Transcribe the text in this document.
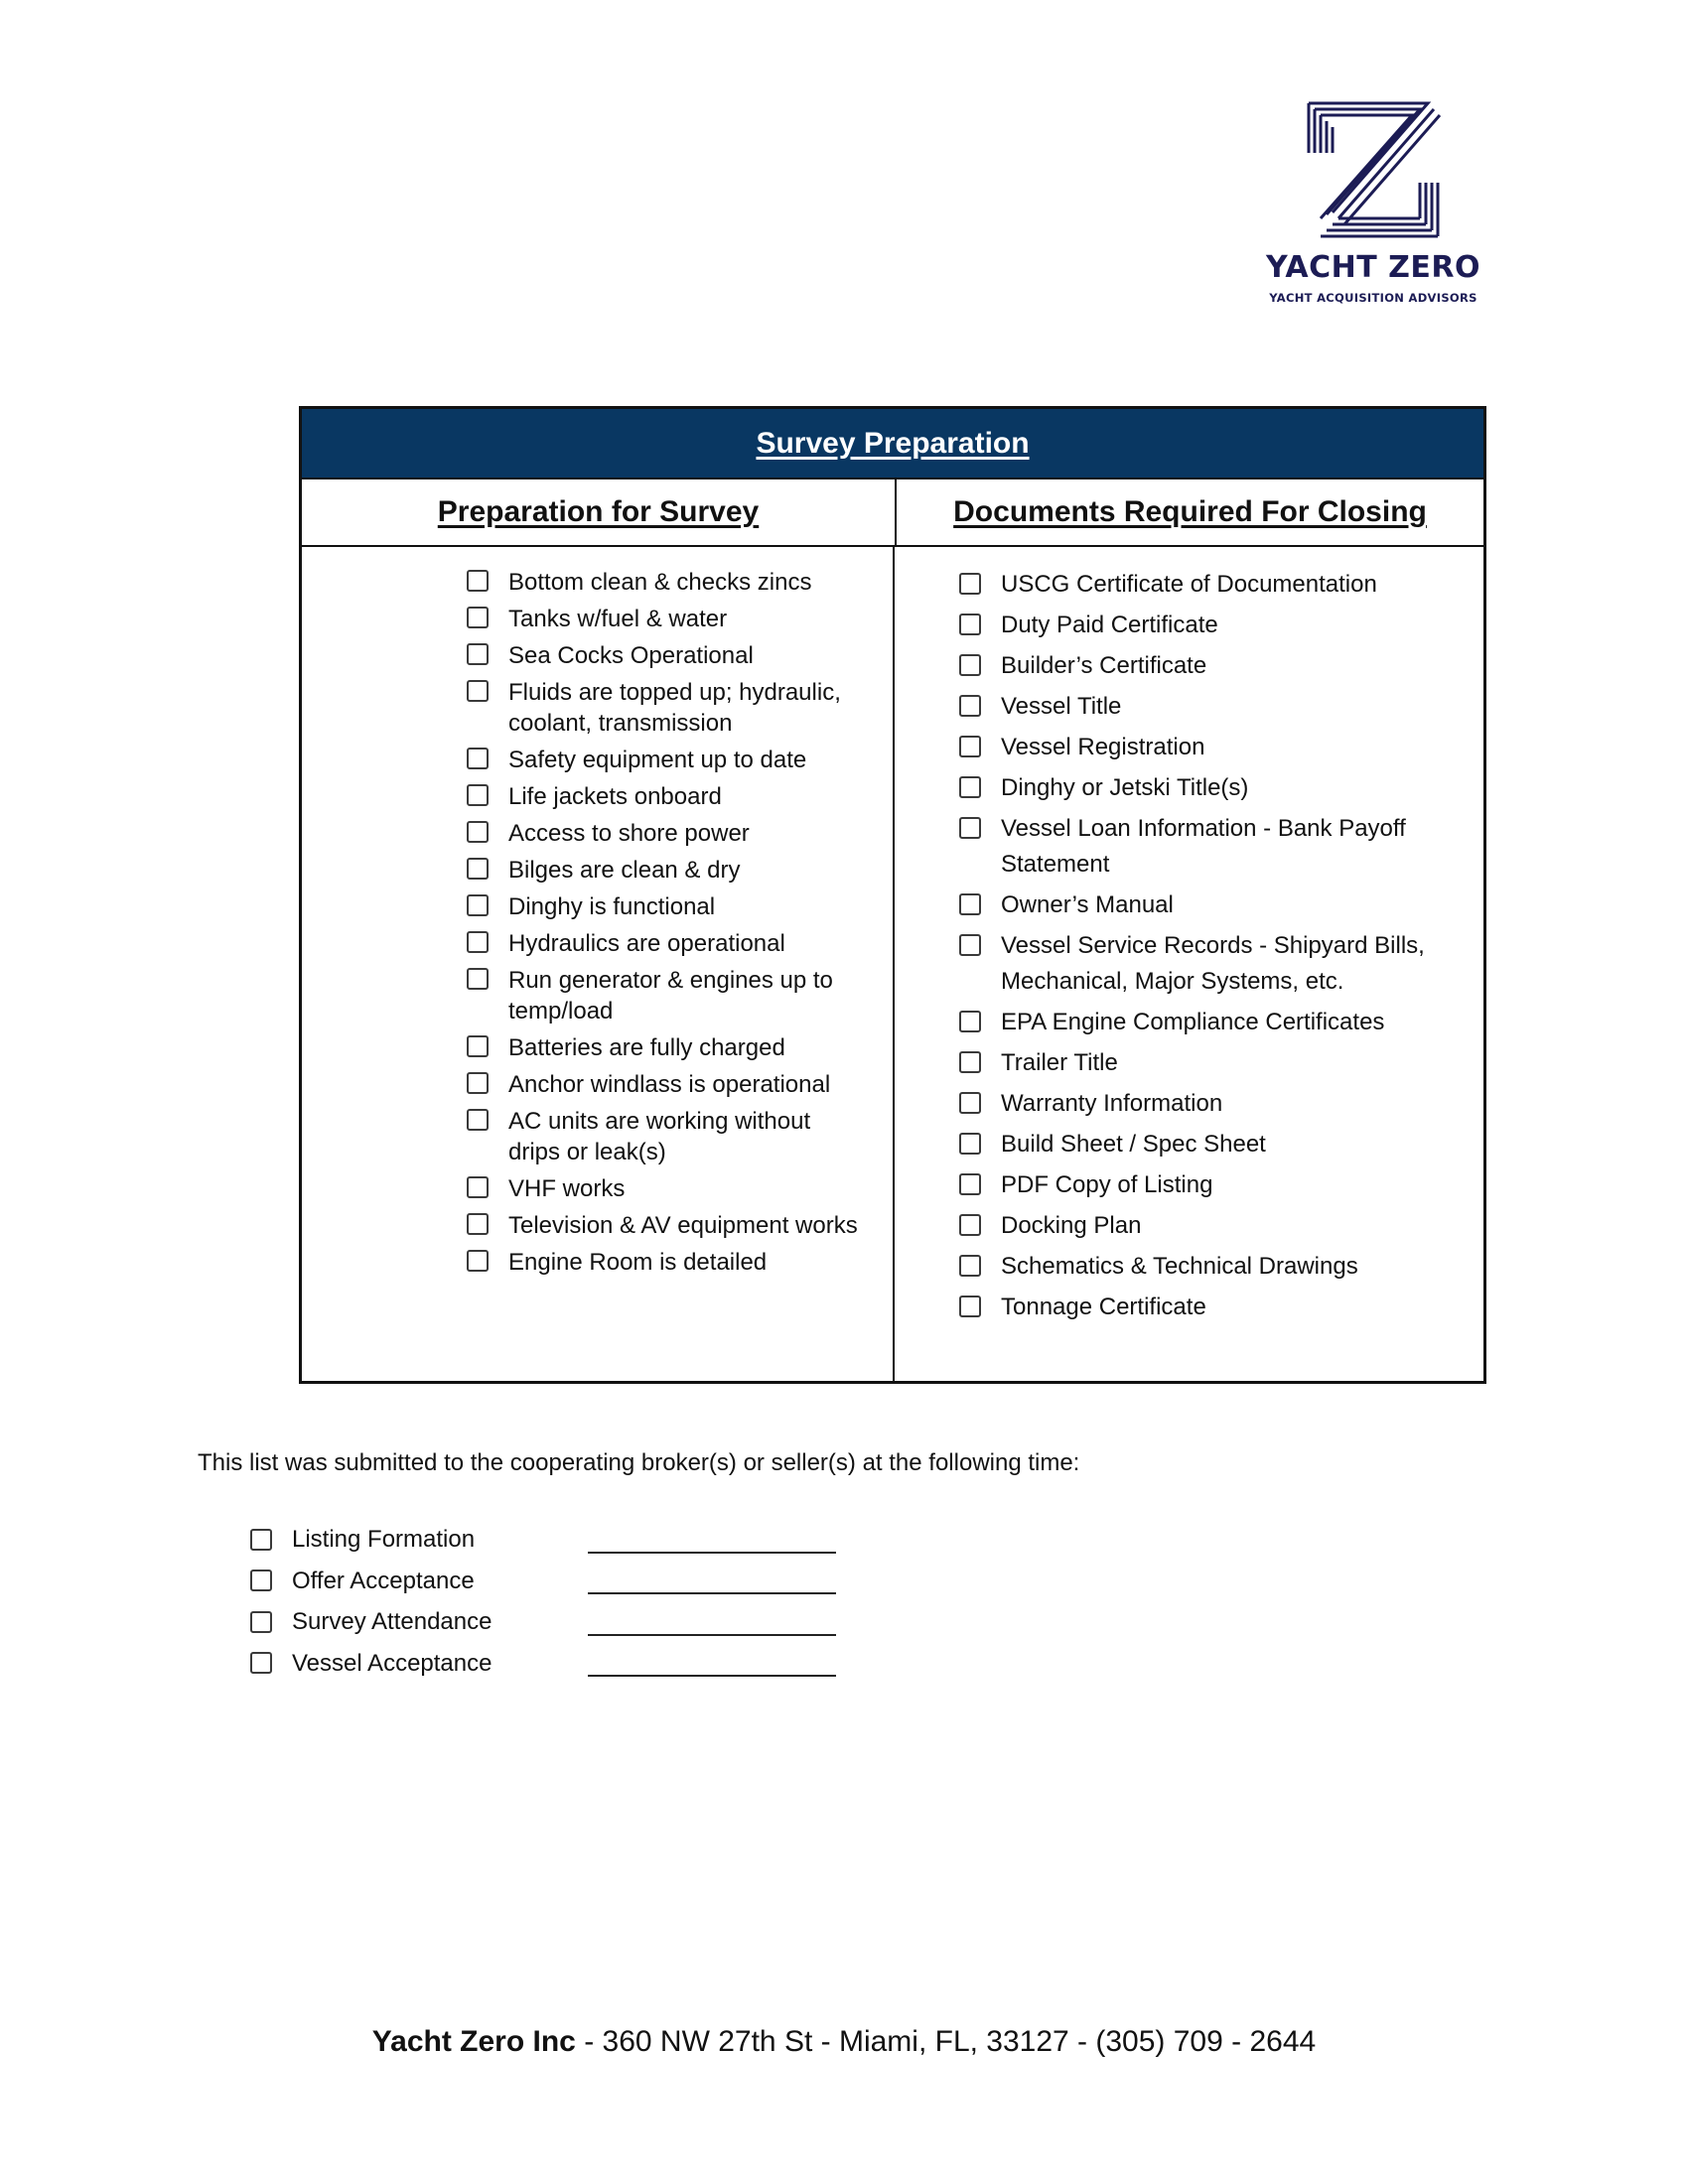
YACHT ZERO
YACHT ACQUISITION ADVISORS
Survey Preparation
Preparation for Survey	Documents Required For Closing
Bottom clean & checks zincs
Tanks w/fuel & water
Sea Cocks Operational
Fluids are topped up; hydraulic, coolant, transmission
Safety equipment up to date
Life jackets onboard
Access to shore power
Bilges are clean & dry
Dinghy is functional
Hydraulics are operational
Run generator & engines up to temp/load
Batteries are fully charged
Anchor windlass is operational
AC units are working without drips or leak(s)
VHF works
Television & AV equipment works
Engine Room is detailed
USCG Certificate of Documentation
Duty Paid Certificate
Builder’s Certificate
Vessel Title
Vessel Registration
Dinghy or Jetski Title(s)
Vessel Loan Information - Bank Payoff Statement
Owner’s Manual
Vessel Service Records - Shipyard Bills, Mechanical, Major Systems, etc.
EPA Engine Compliance Certificates
Trailer Title
Warranty Information
Build Sheet / Spec Sheet
PDF Copy of Listing
Docking Plan
Schematics & Technical Drawings
Tonnage Certificate
This list was submitted to the cooperating broker(s) or seller(s) at the following time:
Listing Formation
Offer Acceptance
Survey Attendance
Vessel Acceptance
Yacht Zero Inc - 360 NW 27th St - Miami, FL, 33127 - (305) 709 - 2644
